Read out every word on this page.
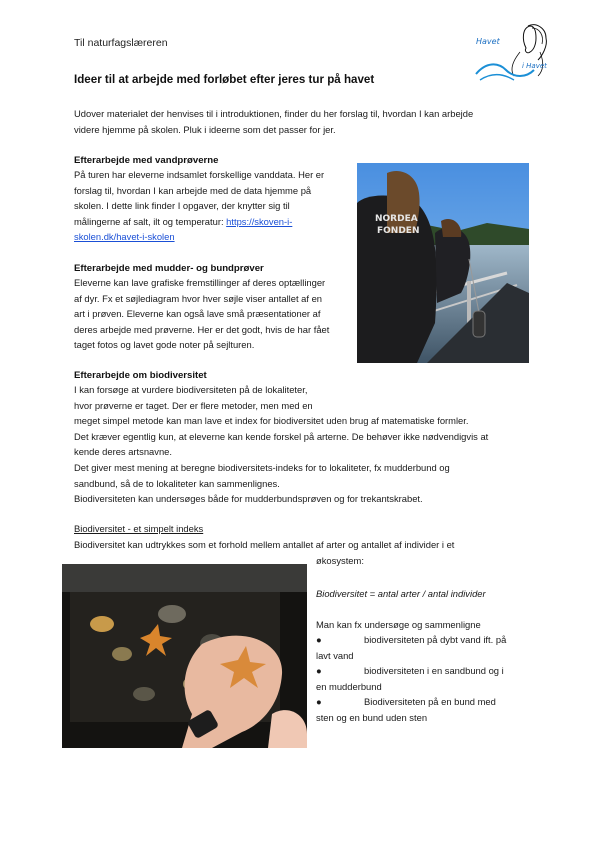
Til naturfagslæreren	Havet
i Havet
Ideer til at arbejde med forløbet efter jeres tur på havet
Udover materialet der henvises til i introduktionen, finder du her forslag til, hvordan I kan arbejde
videre hjemme på skolen. Pluk i ideerne som det passer for jer.
Efterarbejde med vandprøverne
På turen har eleverne indsamlet forskellige vanddata. Her er
forslag til, hvordan I kan arbejde med de data hjemme på
skolen. I dette link finder I opgaver, der knytter sig til
målingerne af salt, ilt og temperatur: https://skoven-i-
skolen.dk/havet-i-skolen
Efterarbejde med mudder- og bundprøver
Eleverne kan lave grafiske fremstillinger af deres optællinger
af dyr. Fx et søjlediagram hvor hver søjle viser antallet af en
art i prøven. Eleverne kan også lave små præsentationer af
deres arbejde med prøverne. Her er det godt, hvis de har fået
taget fotos og lavet gode noter på sejlturen.
NORDEA
FONDEN
Efterarbejde om biodiversitet
I kan forsøge at vurdere biodiversiteten på de lokaliteter,
hvor prøverne er taget. Der er flere metoder, men med en
meget simpel metode kan man lave et index for biodiversitet uden brug af matematiske formler.
Det kræver egentlig kun, at eleverne kan kende forskel på arterne. De behøver ikke nødvendigvis at
kende deres artsnavne.
Det giver mest mening at beregne biodiversitets-indeks for to lokaliteter, fx mudderbund og
sandbund, så de to lokaliteter kan sammenlignes.
Biodiversiteten kan undersøges både for mudderbundsprøven og for trekantskrabet.
Biodiversitet - et simpelt indeks
Biodiversitet kan udtrykkes som et forhold mellem antallet af arter og antallet af individer i et
økosystem:
Biodiversitet = antal arter / antal individer
Man kan fx undersøge og sammenligne
●	biodiversiteten på dybt vand ift. på
lavt vand
●	biodiversiteten i en sandbund og i
en mudderbund
●	Biodiversiteten på en bund med
sten og en bund uden sten
